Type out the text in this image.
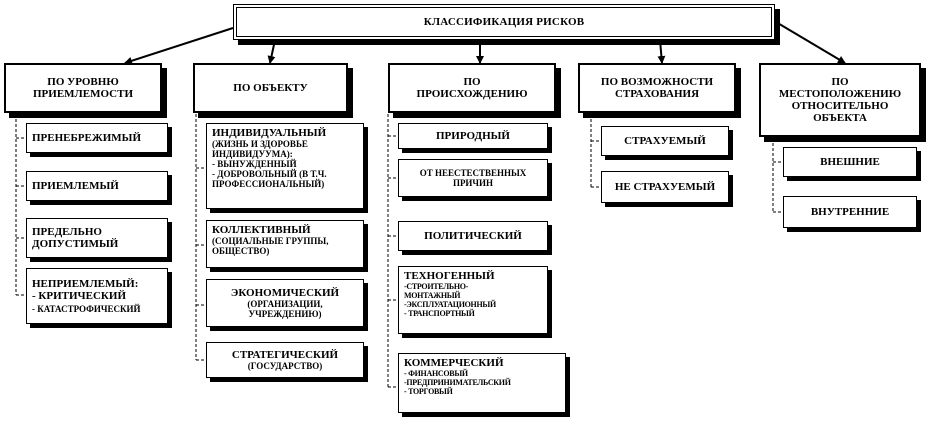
КЛАССИФИКАЦИЯ РИСКОВ
ПО УРОВНЮ ПРИЕМЛЕМОСТИ
ПРЕНЕБРЕЖИМЫЙ
ПРИЕМЛЕМЫЙ
ПРЕДЕЛЬНО
ДОПУСТИМЫЙ
НЕПРИЕМЛЕМЫЙ:
- КРИТИЧЕСКИЙ
- КАТАСТРОФИЧЕСКИЙ
ПО ОБЪЕКТУ
ИНДИВИДУАЛЬНЫЙ
(ЖИЗНЬ И ЗДОРОВЬЕ
ИНДИВИДУУМА):
- ВЫНУЖДЕННЫЙ
- ДОБРОВОЛЬНЫЙ (В Т.Ч.
ПРОФЕССИОНАЛЬНЫЙ)
КОЛЛЕКТИВНЫЙ
(СОЦИАЛЬНЫЕ ГРУППЫ,
ОБЩЕСТВО)
ЭКОНОМИЧЕСКИЙ
(ОРГАНИЗАЦИИ,
УЧРЕЖДЕНИЮ)
СТРАТЕГИЧЕСКИЙ
(ГОСУДАРСТВО)
ПО ПРОИСХОЖДЕНИЮ
ПРИРОДНЫЙ
ОТ НЕЕСТЕСТВЕННЫХ
ПРИЧИН
ПОЛИТИЧЕСКИЙ
ТЕХНОГЕННЫЙ
-СТРОИТЕЛЬНО-
МОНТАЖНЫЙ
-ЭКСПЛУАТАЦИОННЫЙ
- ТРАНСПОРТНЫЙ
КОММЕРЧЕСКИЙ
- ФИНАНСОВЫЙ
-ПРЕДПРИНИМАТЕЛЬСКИЙ
- ТОРГОВЫЙ
ПО ВОЗМОЖНОСТИ СТРАХОВАНИЯ
СТРАХУЕМЫЙ
НЕ СТРАХУЕМЫЙ
ПО МЕСТОПОЛОЖЕНИЮ ОТНОСИТЕЛЬНО ОБЪЕКТА
ВНЕШНИЕ
ВНУТРЕННИЕ
